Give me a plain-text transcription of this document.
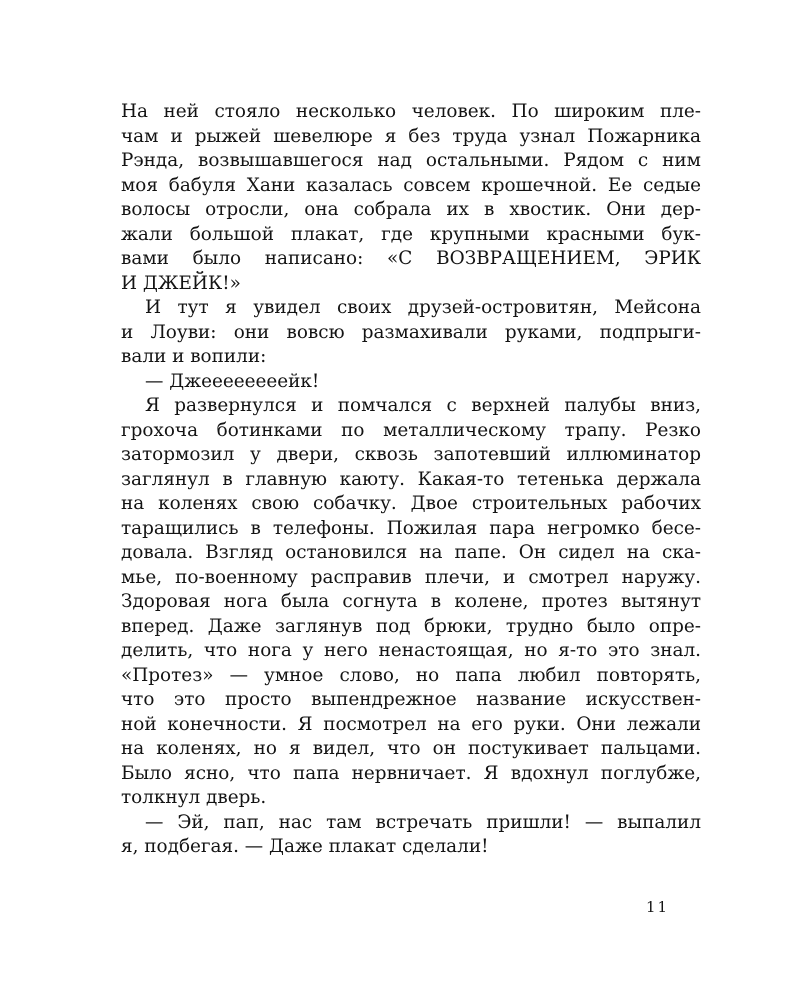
На ней стояло несколько человек. По широким пле-
чам и рыжей шевелюре я без труда узнал Пожарника
Рэнда, возвышавшегося над остальными. Рядом с ним
моя бабуля Хани казалась совсем крошечной. Ее седые
волосы отросли, она собрала их в хвостик. Они дер-
жали большой плакат, где крупными красными бук-
вами было написано: «С ВОЗВРАЩЕНИЕМ, ЭРИК
И ДЖЕЙК!»
И тут я увидел своих друзей-островитян, Мейсона
и Лоуви: они вовсю размахивали руками, подпрыги-
вали и вопили:
— Джеееееееейк!
Я развернулся и помчался с верхней палубы вниз,
грохоча ботинками по металлическому трапу. Резко
затормозил у двери, сквозь запотевший иллюминатор
заглянул в главную каюту. Какая-то тетенька держала
на коленях свою собачку. Двое строительных рабочих
таращились в телефоны. Пожилая пара негромко бесе-
довала. Взгляд остановился на папе. Он сидел на ска-
мье, по-военному расправив плечи, и смотрел наружу.
Здоровая нога была согнута в колене, протез вытянут
вперед. Даже заглянув под брюки, трудно было опре-
делить, что нога у него ненастоящая, но я-то это знал.
«Протез» — умное слово, но папа любил повторять,
что это просто выпендрежное название искусствен-
ной конечности. Я посмотрел на его руки. Они лежали
на коленях, но я видел, что он постукивает пальцами.
Было ясно, что папа нервничает. Я вдохнул поглубже,
толкнул дверь.
— Эй, пап, нас там встречать пришли! — выпалил
я, подбегая. — Даже плакат сделали!
11
